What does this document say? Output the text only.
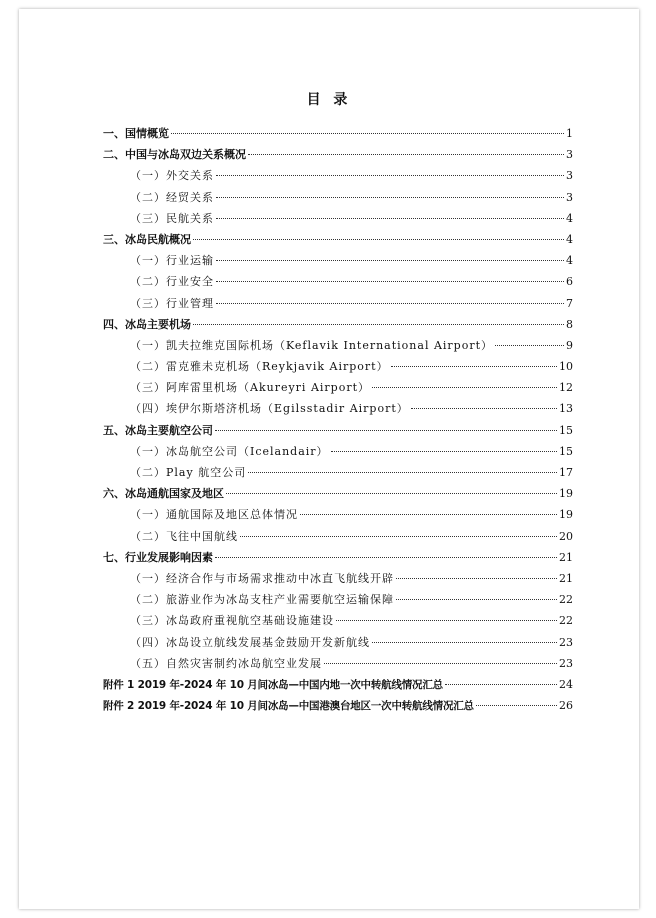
目 录
一、国情概览	1
二、中国与冰岛双边关系概况	3
（一）外交关系	3
（二）经贸关系	3
（三）民航关系	4
三、冰岛民航概况	4
（一）行业运输	4
（二）行业安全	6
（三）行业管理	7
四、冰岛主要机场	8
（一）凯夫拉维克国际机场（Keflavik International Airport）	9
（二）雷克雅未克机场（Reykjavik Airport）	10
（三）阿库雷里机场（Akureyri Airport）	12
（四）埃伊尔斯塔济机场（Egilsstadir Airport）	13
五、冰岛主要航空公司	15
（一）冰岛航空公司（Icelandair）	15
（二）Play 航空公司	17
六、冰岛通航国家及地区	19
（一）通航国际及地区总体情况	19
（二）飞往中国航线	20
七、行业发展影响因素	21
（一）经济合作与市场需求推动中冰直飞航线开辟	21
（二）旅游业作为冰岛支柱产业需要航空运输保障	22
（三）冰岛政府重视航空基础设施建设	22
（四）冰岛设立航线发展基金鼓励开发新航线	23
（五）自然灾害制约冰岛航空业发展	23
附件 1 2019 年-2024 年 10 月间冰岛—中国内地一次中转航线情况汇总	24
附件 2 2019 年-2024 年 10 月间冰岛—中国港澳台地区一次中转航线情况汇总	26
